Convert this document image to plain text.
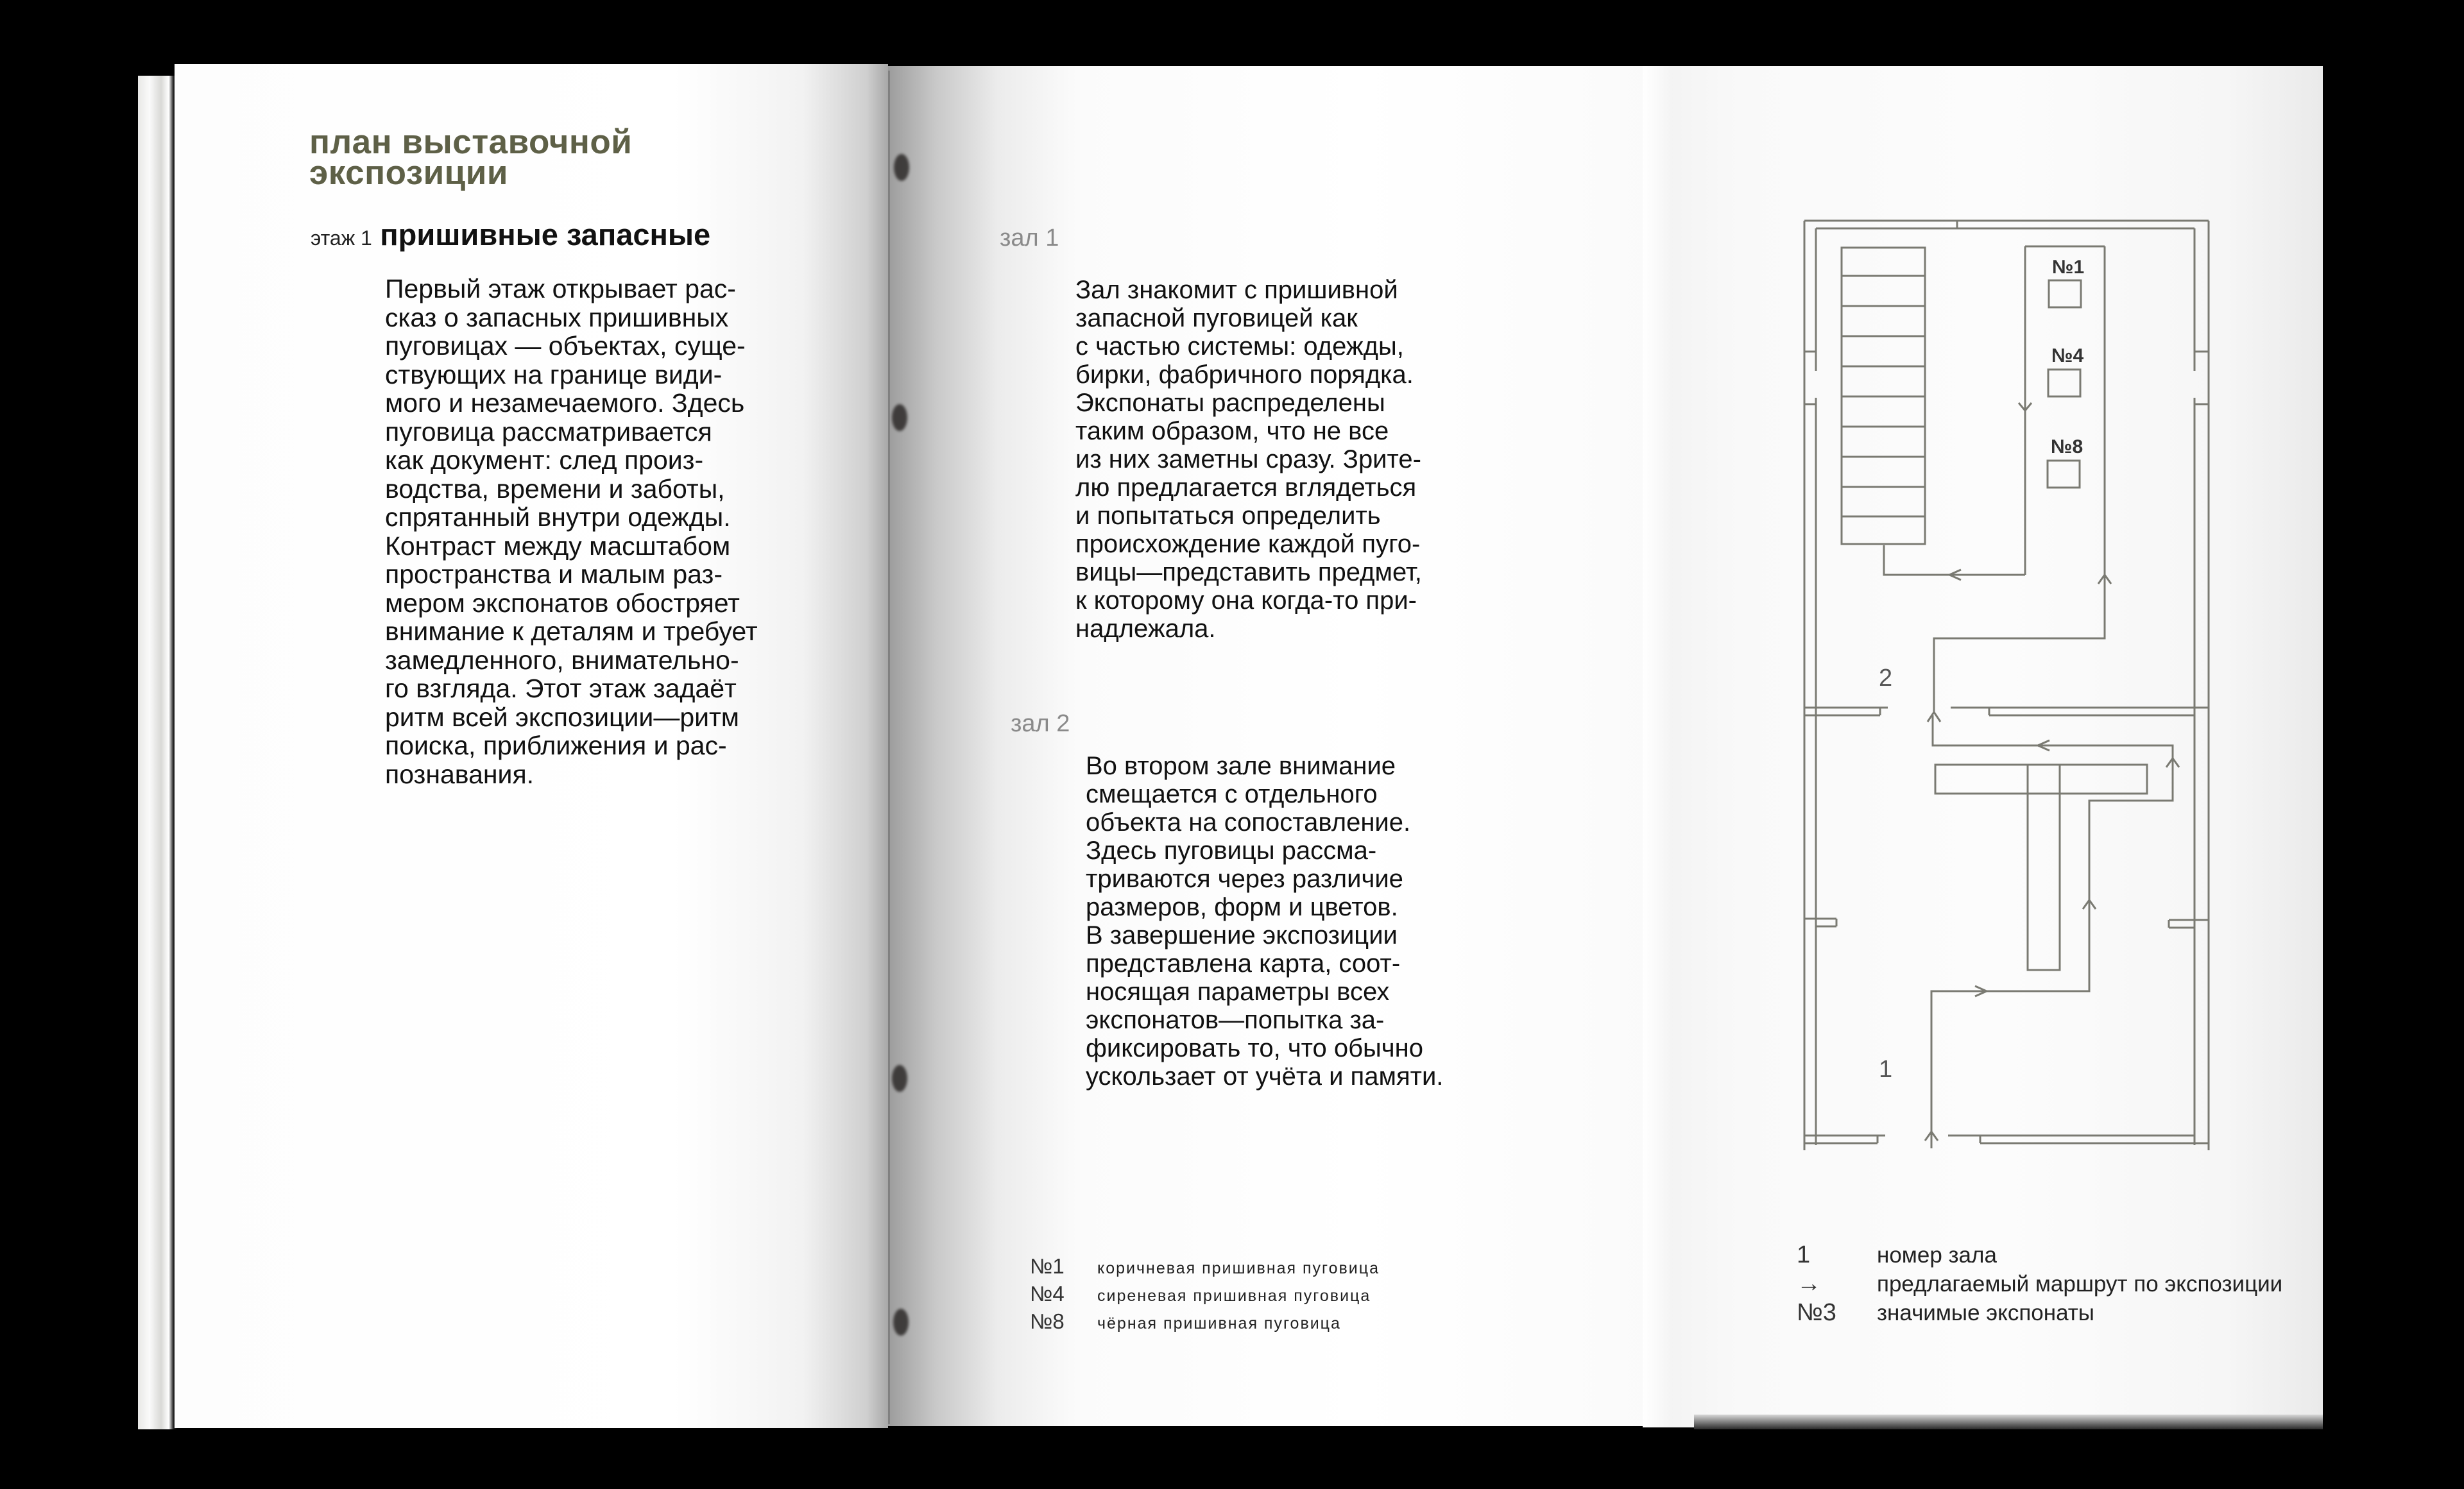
план выставочной
экспозиции
этаж 1 пришивные запасные
Первый этаж открывает рас-
сказ о запасных пришивных
пуговицах — объектах, суще-
ствующих на границе види-
мого и незамечаемого. Здесь
пуговица рассматривается
как документ: след произ-
водства, времени и заботы,
спрятанный внутри одежды.
Контраст между масштабом
пространства и малым раз-
мером экспонатов обостряет
внимание к деталям и требует
замедленного, внимательно-
го взгляда. Этот этаж задаёт
ритм всей экспозиции—ритм
поиска, приближения и рас-
познавания.
зал 1
Зал знакомит с пришивной
запасной пуговицей как
с частью системы: одежды,
бирки, фабричного порядка.
Экспонаты распределены
таким образом, что не все
из них заметны сразу. Зрите-
лю предлагается вглядеться
и попытаться определить
происхождение каждой пуго-
вицы—представить предмет,
к которому она когда-то при-
надлежала.
зал 2
Во втором зале внимание
смещается с отдельного
объекта на сопоставление.
Здесь пуговицы рассма-
триваются через различие
размеров, форм и цветов.
В завершение экспозиции
представлена карта, соот-
носящая параметры всех
экспонатов—попытка за-
фиксировать то, что обычно
ускользает от учёта и памяти.
№1	коричневая пришивная пуговица
№4	сиреневая пришивная пуговица
№8	чёрная пришивная пуговица
№1
№4
№8
2
1
1	номер зала
→	предлагаемый маршрут по экспозиции
№3	значимые экспонаты
